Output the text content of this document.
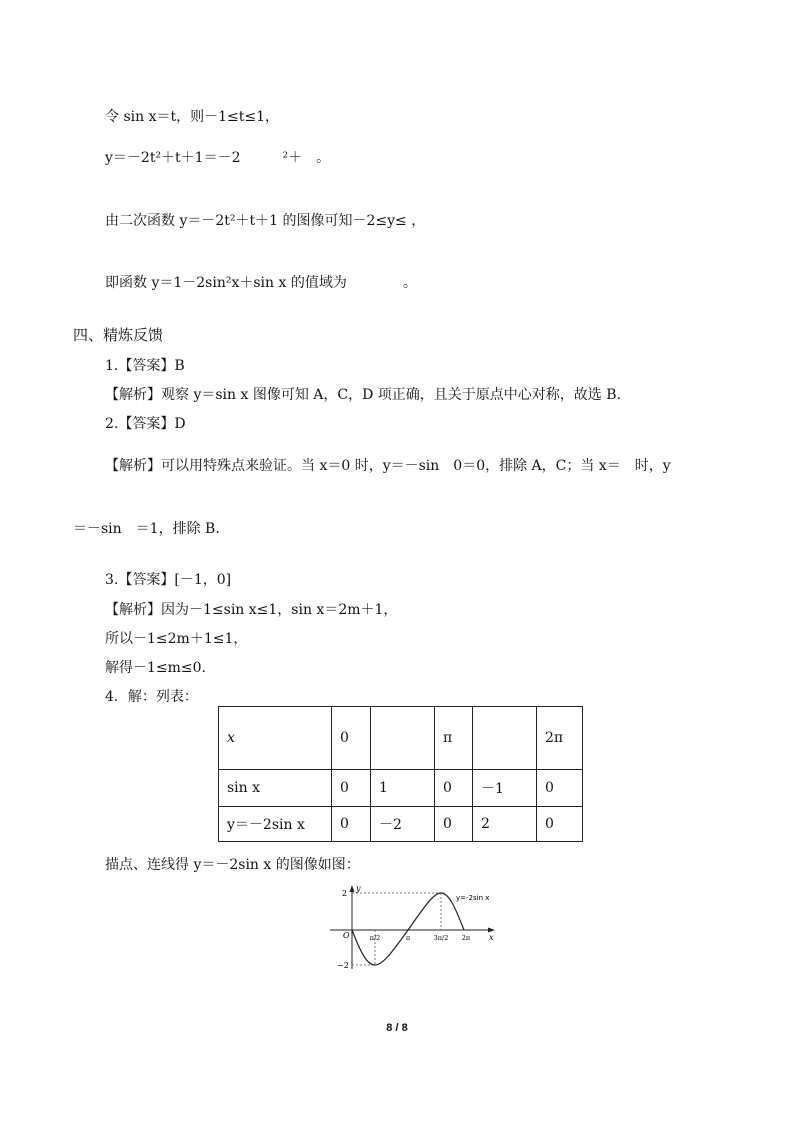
令 sin x＝t，则－1≤t≤1，
y＝－2t²＋t＋1＝－2　　　²＋　。
由二次函数 y＝－2t²＋t＋1 的图像可知－2≤y≤ ，
即函数 y＝1－2sin²x＋sin x 的值域为　　　　。
四、精炼反馈
1.【答案】B
【解析】观察 y＝sin x 图像可知 A，C，D 项正确，且关于原点中心对称，故选 B.
2.【答案】D
【解析】可以用特殊点来验证。当 x＝0 时，y＝－sin　0＝0，排除 A，C；当 x＝　时，y
＝－sin　＝1，排除 B.
3.【答案】[－1，0]
【解析】因为－1≤sin x≤1，sin x＝2m＋1，
所以－1≤2m＋1≤1，
解得－1≤m≤0.
4．解：列表：
x	0		π		2π
sin x	0	1	0	－1	0
y＝－2sin x	0	－2	0	2	0
描点、连线得 y＝－2sin x 的图像如图：
y
x
O
2
−2
π/2	π	3π/2 2π
y=-2sin x
8 / 8
